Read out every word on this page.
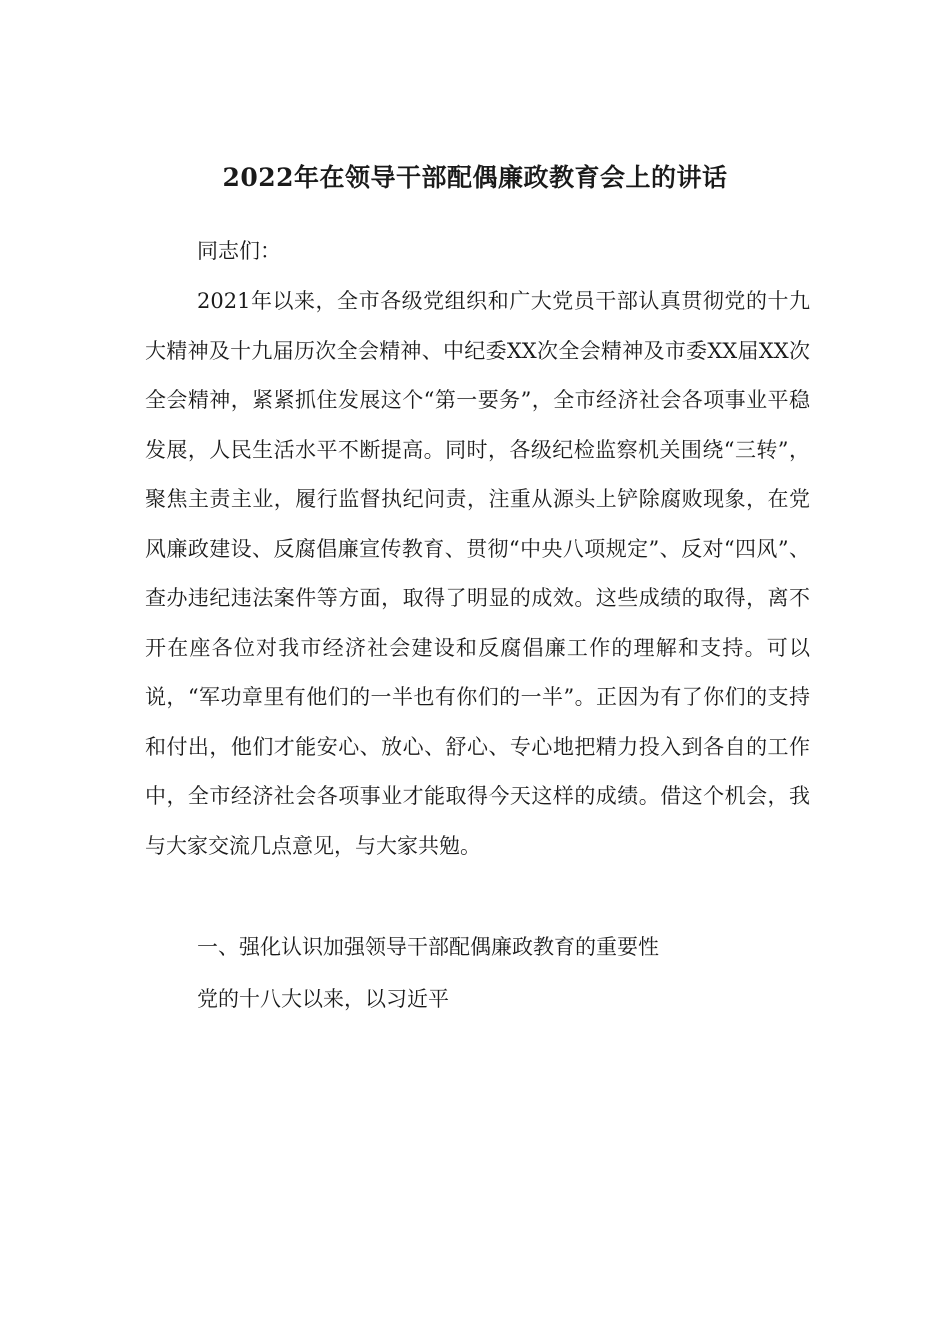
2022年在领导干部配偶廉政教育会上的讲话
同志们：
2021年以来，全市各级党组织和广大党员干部认真贯彻党的十九大精神及十九届历次全会精神、中纪委XX次全会精神及市委XX届XX次全会精神，紧紧抓住发展这个“第一要务”，全市经济社会各项事业平稳发展，人民生活水平不断提高。同时，各级纪检监察机关围绕“三转”，聚焦主责主业，履行监督执纪问责，注重从源头上铲除腐败现象，在党风廉政建设、反腐倡廉宣传教育、贯彻“中央八项规定”、反对“四风”、查办违纪违法案件等方面，取得了明显的成效。这些成绩的取得，离不开在座各位对我市经济社会建设和反腐倡廉工作的理解和支持。可以说，“军功章里有他们的一半也有你们的一半”。正因为有了你们的支持和付出，他们才能安心、放心、舒心、专心地把精力投入到各自的工作中，全市经济社会各项事业才能取得今天这样的成绩。借这个机会，我与大家交流几点意见，与大家共勉。
一、强化认识加强领导干部配偶廉政教育的重要性
党的十八大以来，以习近平
